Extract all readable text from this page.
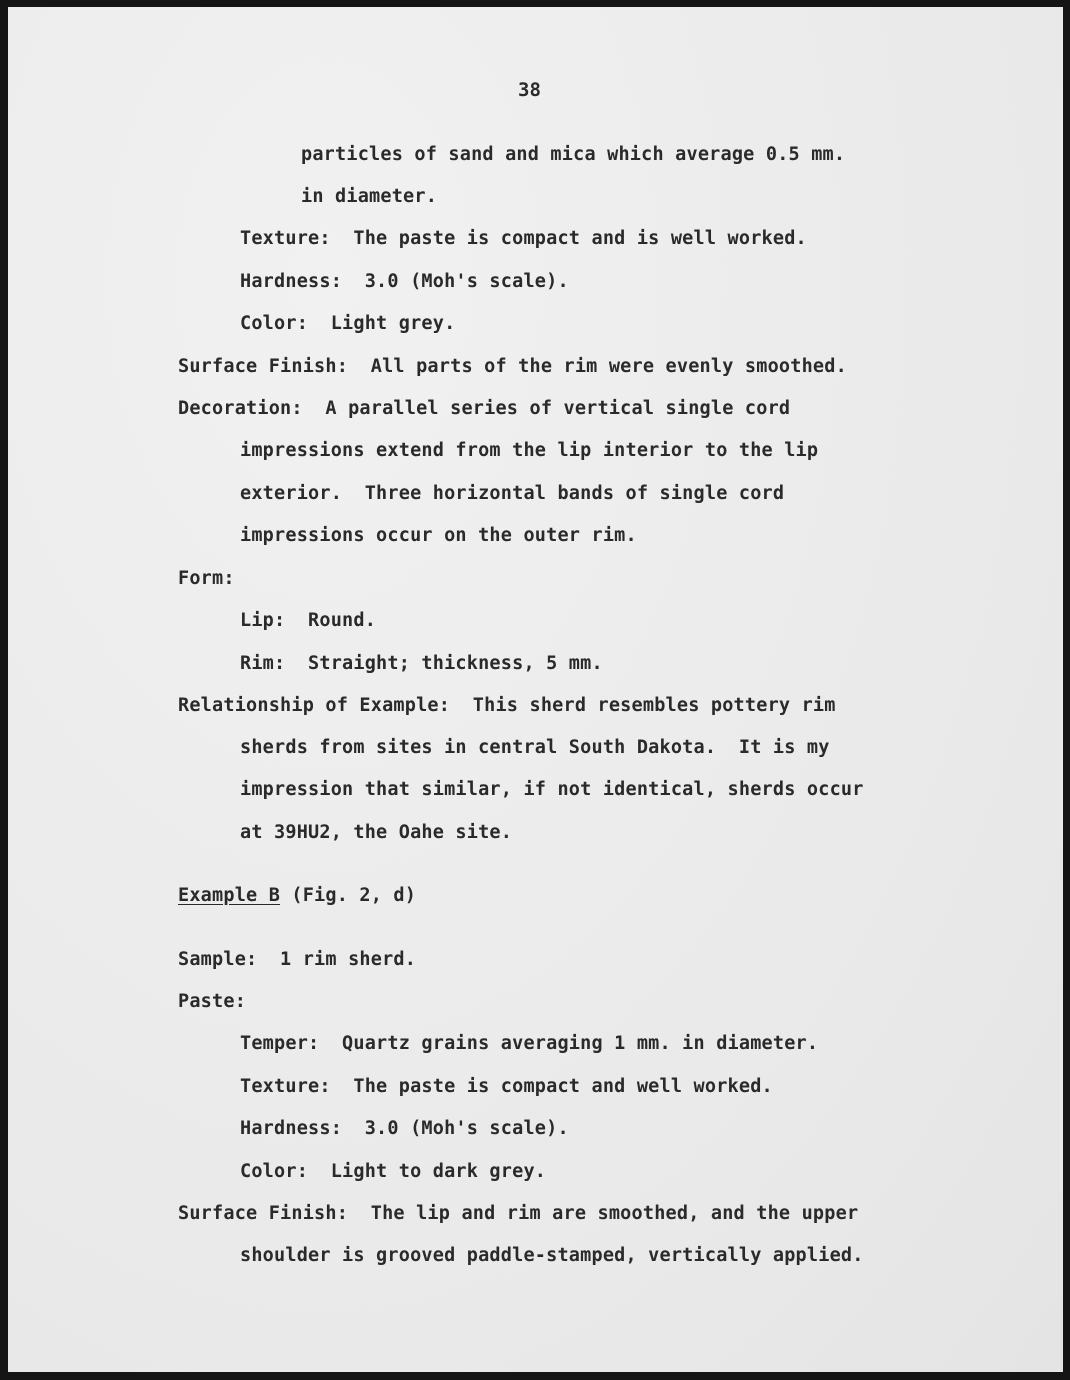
38
particles of sand and mica which average 0.5 mm.
in diameter.
Texture:  The paste is compact and is well worked.
Hardness:  3.0 (Moh's scale).
Color:  Light grey.
Surface Finish:  All parts of the rim were evenly smoothed.
Decoration:  A parallel series of vertical single cord
impressions extend from the lip interior to the lip
exterior.  Three horizontal bands of single cord
impressions occur on the outer rim.
Form:
Lip:  Round.
Rim:  Straight; thickness, 5 mm.
Relationship of Example:  This sherd resembles pottery rim
sherds from sites in central South Dakota.  It is my
impression that similar, if not identical, sherds occur
at 39HU2, the Oahe site.
Example B (Fig. 2, d)
Sample:  1 rim sherd.
Paste:
Temper:  Quartz grains averaging 1 mm. in diameter.
Texture:  The paste is compact and well worked.
Hardness:  3.0 (Moh's scale).
Color:  Light to dark grey.
Surface Finish:  The lip and rim are smoothed, and the upper
shoulder is grooved paddle-stamped, vertically applied.
